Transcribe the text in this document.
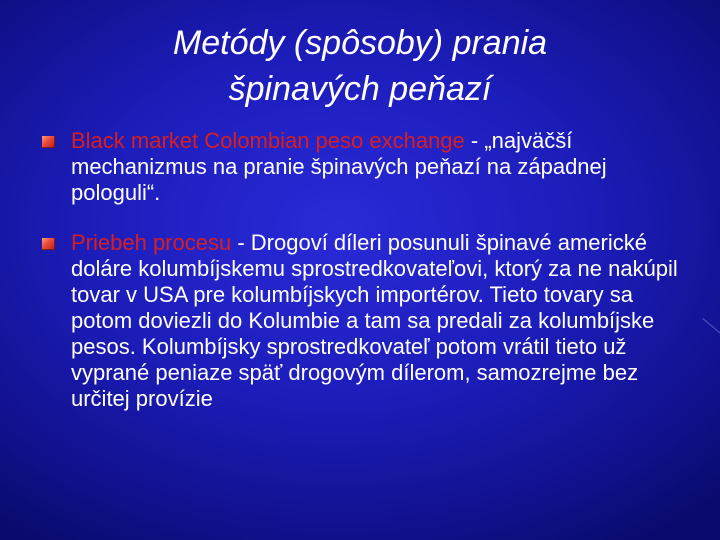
Metódy (spôsoby) prania
špinavých peňazí
Black market Colombian peso exchange - „najväčší mechanizmus na pranie špinavých peňazí na západnej pologuli“.
Priebeh procesu - Drogoví díleri posunuli špinavé americké doláre kolumbíjskemu sprostredkovateľovi, ktorý za ne nakúpil tovar v USA pre kolumbíjskych importérov. Tieto tovary sa potom doviezli do Kolumbie a tam sa predali za kolumbíjske pesos. Kolumbíjsky sprostredkovateľ potom vrátil tieto už vyprané peniaze späť drogovým dílerom, samozrejme bez určitej provízie
